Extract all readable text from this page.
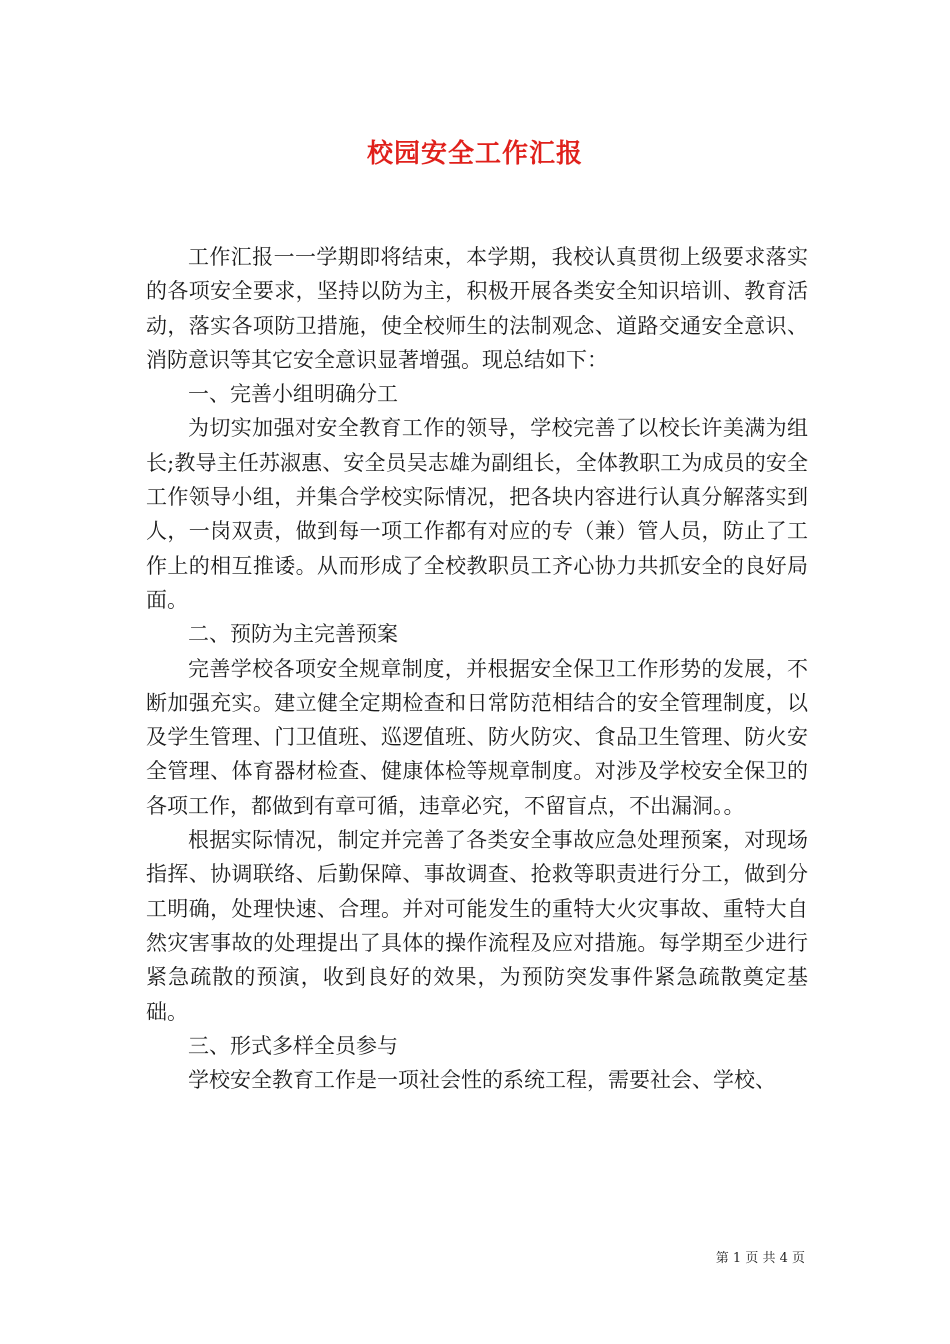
校园安全工作汇报

工作汇报一一学期即将结束，本学期，我校认真贯彻上级要求落实的各项安全要求，坚持以防为主，积极开展各类安全知识培训、教育活动，落实各项防卫措施，使全校师生的法制观念、道路交通安全意识、消防意识等其它安全意识显著增强。现总结如下：

一、完善小组明确分工

为切实加强对安全教育工作的领导，学校完善了以校长许美满为组长;教导主任苏淑惠、安全员吴志雄为副组长，全体教职工为成员的安全工作领导小组，并集合学校实际情况，把各块内容进行认真分解落实到人，一岗双责，做到每一项工作都有对应的专（兼）管人员，防止了工作上的相互推诿。从而形成了全校教职员工齐心协力共抓安全的良好局面。

二、预防为主完善预案

完善学校各项安全规章制度，并根据安全保卫工作形势的发展，不断加强充实。建立健全定期检查和日常防范相结合的安全管理制度，以及学生管理、门卫值班、巡逻值班、防火防灾、食品卫生管理、防火安全管理、体育器材检查、健康体检等规章制度。对涉及学校安全保卫的各项工作，都做到有章可循，违章必究，不留盲点，不出漏洞。。

根据实际情况，制定并完善了各类安全事故应急处理预案，对现场指挥、协调联络、后勤保障、事故调查、抢救等职责进行分工，做到分工明确，处理快速、合理。并对可能发生的重特大火灾事故、重特大自然灾害事故的处理提出了具体的操作流程及应对措施。每学期至少进行紧急疏散的预演，收到良好的效果，为预防突发事件紧急疏散奠定基础。

三、形式多样全员参与

学校安全教育工作是一项社会性的系统工程，需要社会、学校、

第 1 页 共 4 页
